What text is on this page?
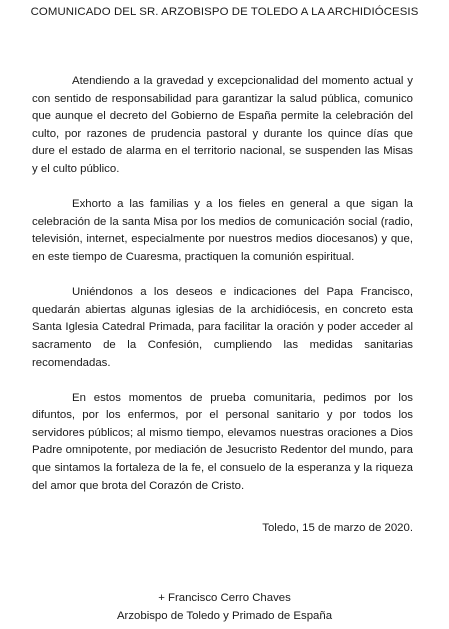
COMUNICADO DEL SR. ARZOBISPO DE TOLEDO A LA ARCHIDIÓCESIS

Atendiendo a la gravedad y excepcionalidad del momento actual y con sentido de responsabilidad para garantizar la salud pública, comunico que aunque el decreto del Gobierno de España permite la celebración del culto, por razones de prudencia pastoral y durante los quince días que dure el estado de alarma en el territorio nacional, se suspenden las Misas y el culto público.

Exhorto a las familias y a los fieles en general a que sigan la celebración de la santa Misa por los medios de comunicación social (radio, televisión, internet, especialmente por nuestros medios diocesanos) y que, en este tiempo de Cuaresma, practiquen la comunión espiritual.

Uniéndonos a los deseos e indicaciones del Papa Francisco, quedarán abiertas algunas iglesias de la archidiócesis, en concreto esta Santa Iglesia Catedral Primada, para facilitar la oración y poder acceder al sacramento de la Confesión, cumpliendo las medidas sanitarias recomendadas.

En estos momentos de prueba comunitaria, pedimos por los difuntos, por los enfermos, por el personal sanitario y por todos los servidores públicos; al mismo tiempo, elevamos nuestras oraciones a Dios Padre omnipotente, por mediación de Jesucristo Redentor del mundo, para que sintamos la fortaleza de la fe, el consuelo de la esperanza y la riqueza del amor que brota del Corazón de Cristo.

Toledo, 15 de marzo de 2020.
+ Francisco Cerro Chaves
Arzobispo de Toledo y Primado de España
